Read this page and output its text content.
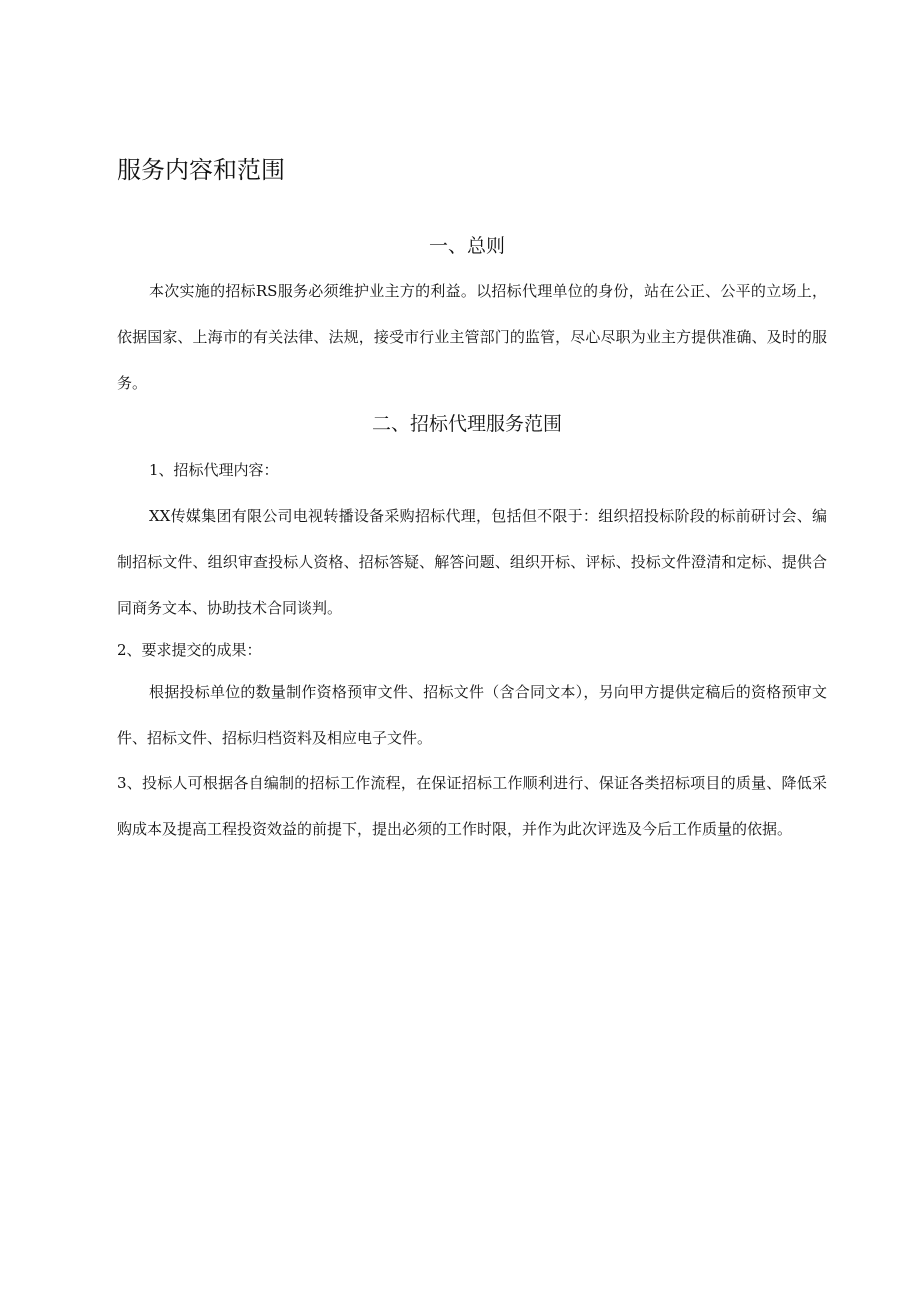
服务内容和范围
一、总则

本次实施的招标RS服务必须维护业主方的利益。以招标代理单位的身份，站在公正、公平的立场上，依据国家、上海市的有关法律、法规，接受市行业主管部门的监管，尽心尽职为业主方提供准确、及时的服务。

二、招标代理服务范围

1、招标代理内容：

XX传媒集团有限公司电视转播设备采购招标代理，包括但不限于：组织招投标阶段的标前研讨会、编制招标文件、组织审查投标人资格、招标答疑、解答问题、组织开标、评标、投标文件澄清和定标、提供合同商务文本、协助技术合同谈判。

2、要求提交的成果：

根据投标单位的数量制作资格预审文件、招标文件（含合同文本），另向甲方提供定稿后的资格预审文件、招标文件、招标归档资料及相应电子文件。

3、投标人可根据各自编制的招标工作流程，在保证招标工作顺利进行、保证各类招标项目的质量、降低采购成本及提高工程投资效益的前提下，提出必须的工作时限，并作为此次评选及今后工作质量的依据。
